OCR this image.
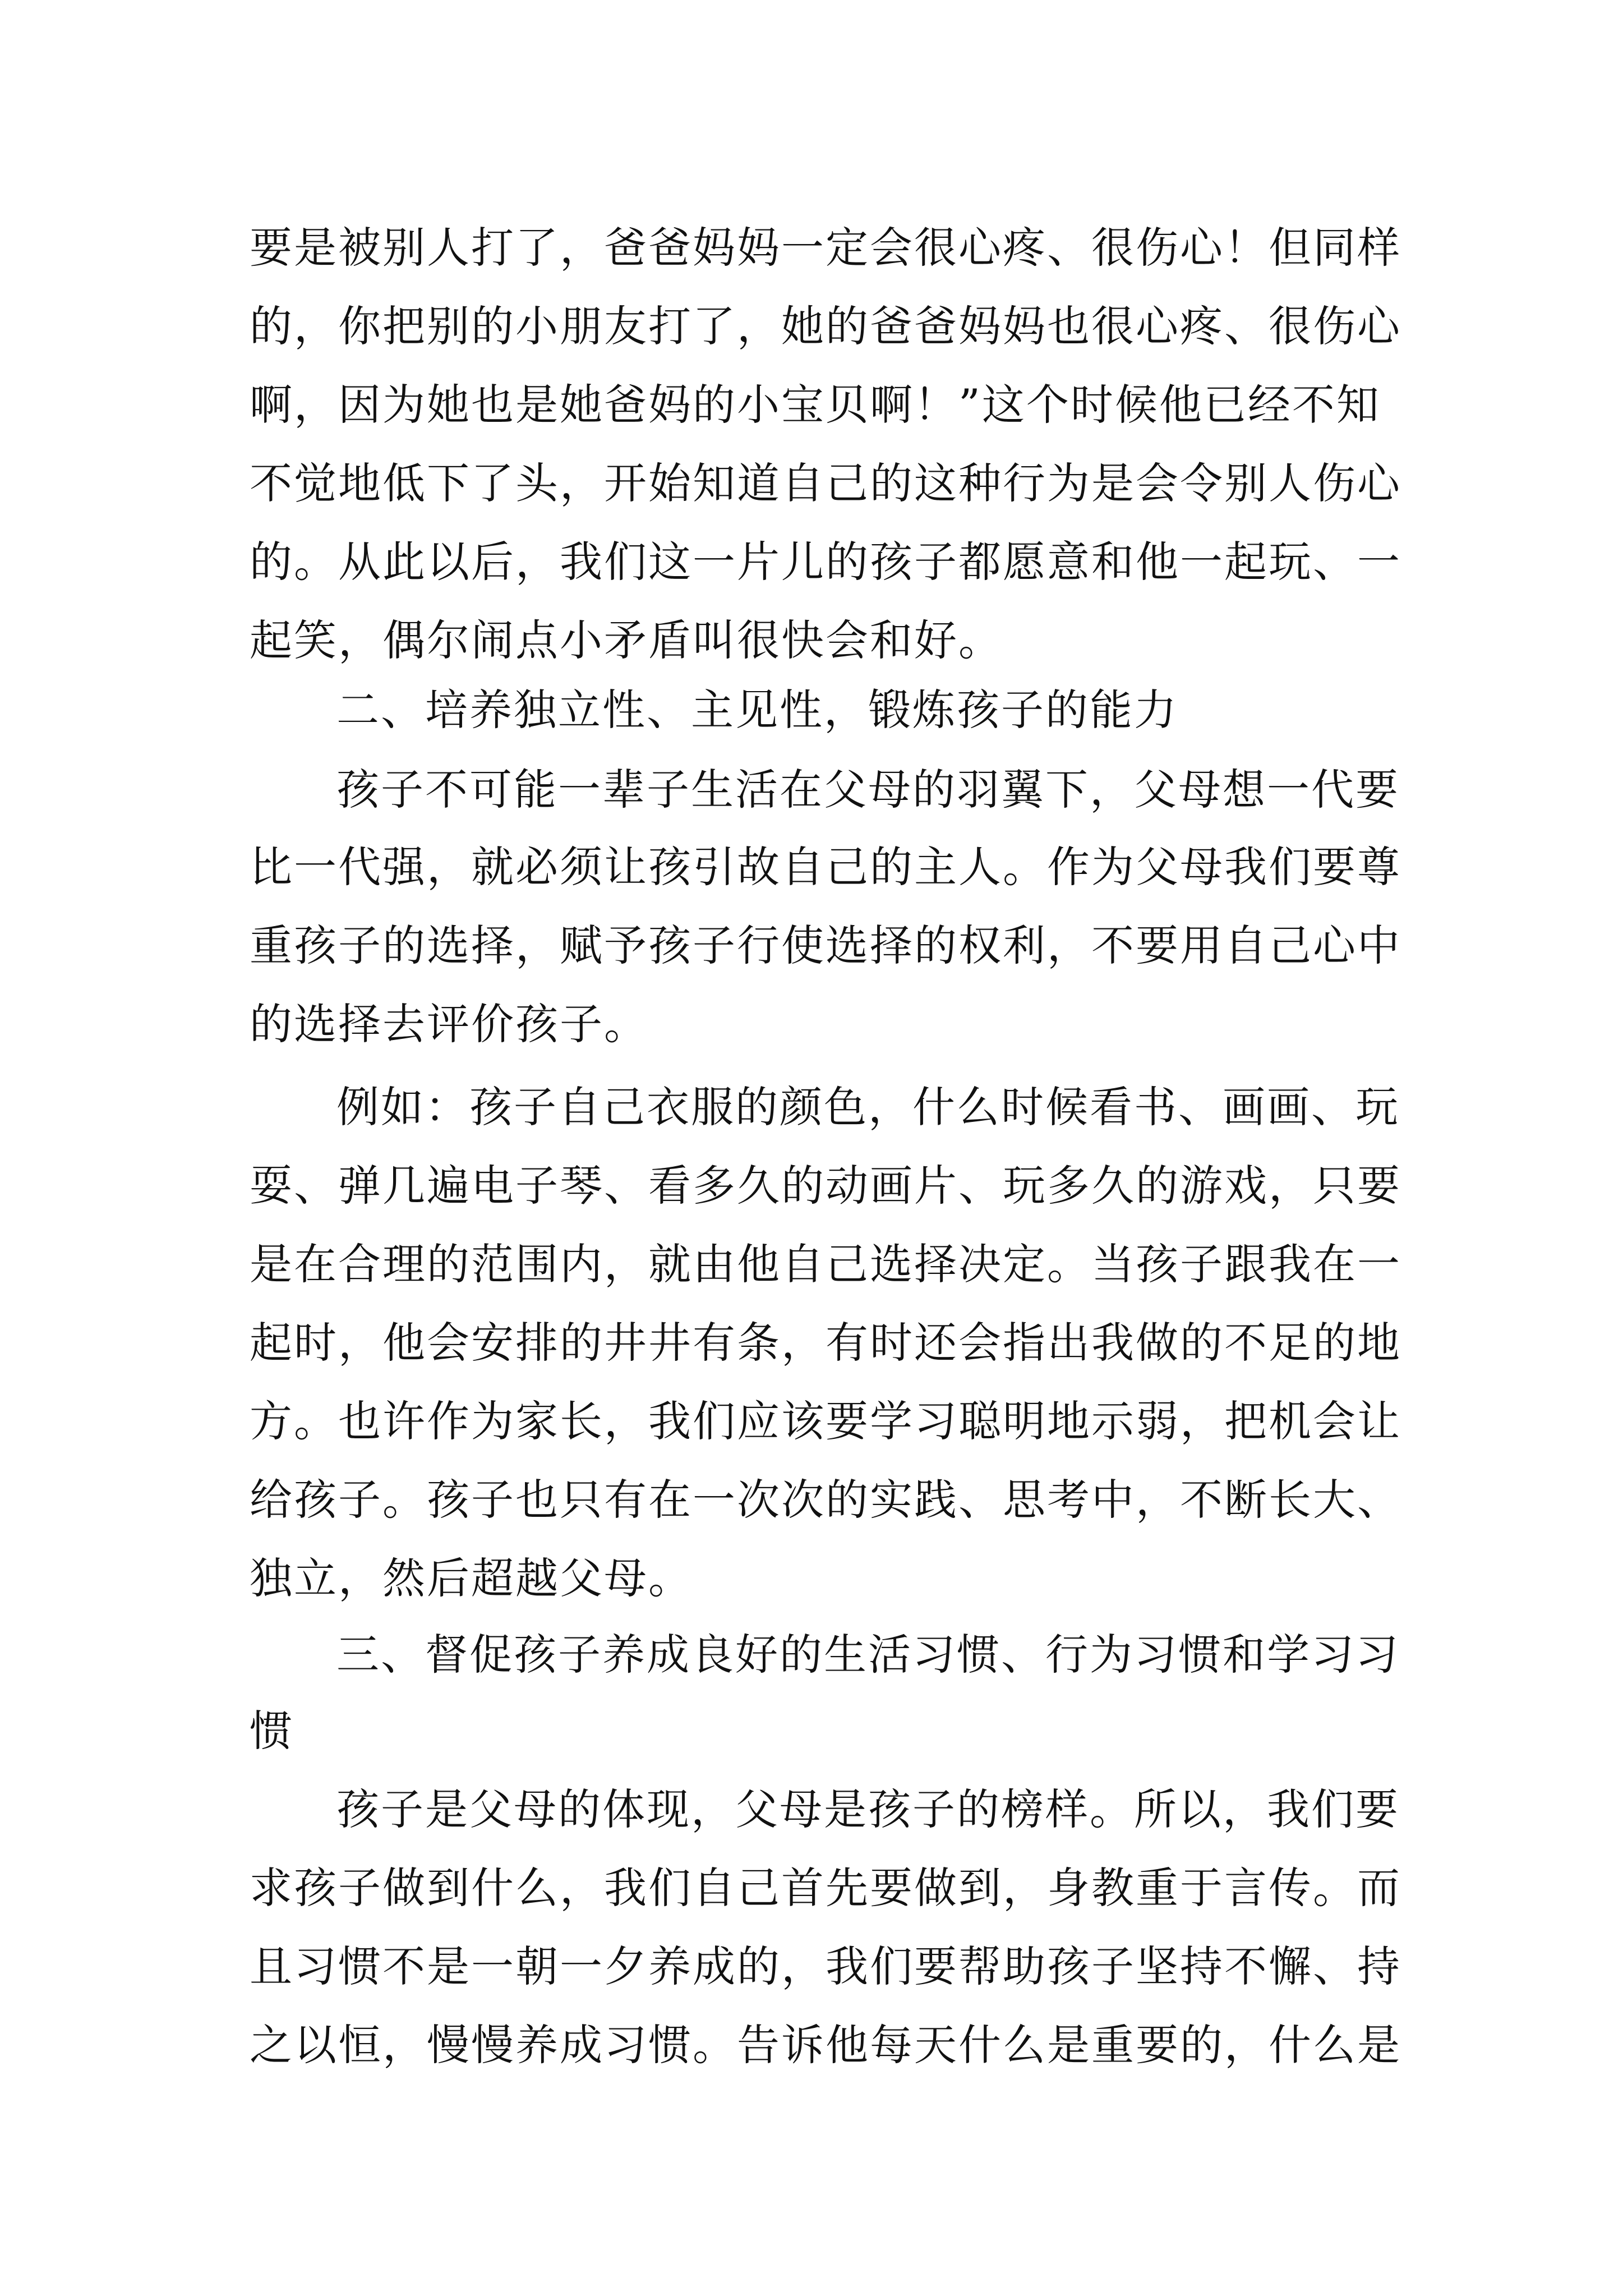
要是被别人打了，爸爸妈妈一定会很心疼、很伤心！但同样

的，你把别的小朋友打了，她的爸爸妈妈也很心疼、很伤心

啊，因为她也是她爸妈的小宝贝啊！”这个时候他已经不知

不觉地低下了头，开始知道自己的这种行为是会令别人伤心

的。从此以后，我们这一片儿的孩子都愿意和他一起玩、一

起笑，偶尔闹点小矛盾叫很快会和好。

二、培养独立性、主见性，锻炼孩子的能力

孩子不可能一辈子生活在父母的羽翼下，父母想一代要

比一代强，就必须让孩引故自己的主人。作为父母我们要尊

重孩子的选择，赋予孩子行使选择的权利，不要用自己心中

的选择去评价孩子。

例如：孩子自己衣服的颜色，什么时候看书、画画、玩

耍、弹几遍电子琴、看多久的动画片、玩多久的游戏，只要

是在合理的范围内，就由他自己选择决定。当孩子跟我在一

起时，他会安排的井井有条，有时还会指出我做的不足的地

方。也许作为家长，我们应该要学习聪明地示弱，把机会让

给孩子。孩子也只有在一次次的实践、思考中，不断长大、

独立，然后超越父母。

三、督促孩子养成良好的生活习惯、行为习惯和学习习

惯

孩子是父母的体现，父母是孩子的榜样。所以，我们要

求孩子做到什么，我们自己首先要做到，身教重于言传。而

且习惯不是一朝一夕养成的，我们要帮助孩子坚持不懈、持

之以恒，慢慢养成习惯。告诉他每天什么是重要的，什么是
